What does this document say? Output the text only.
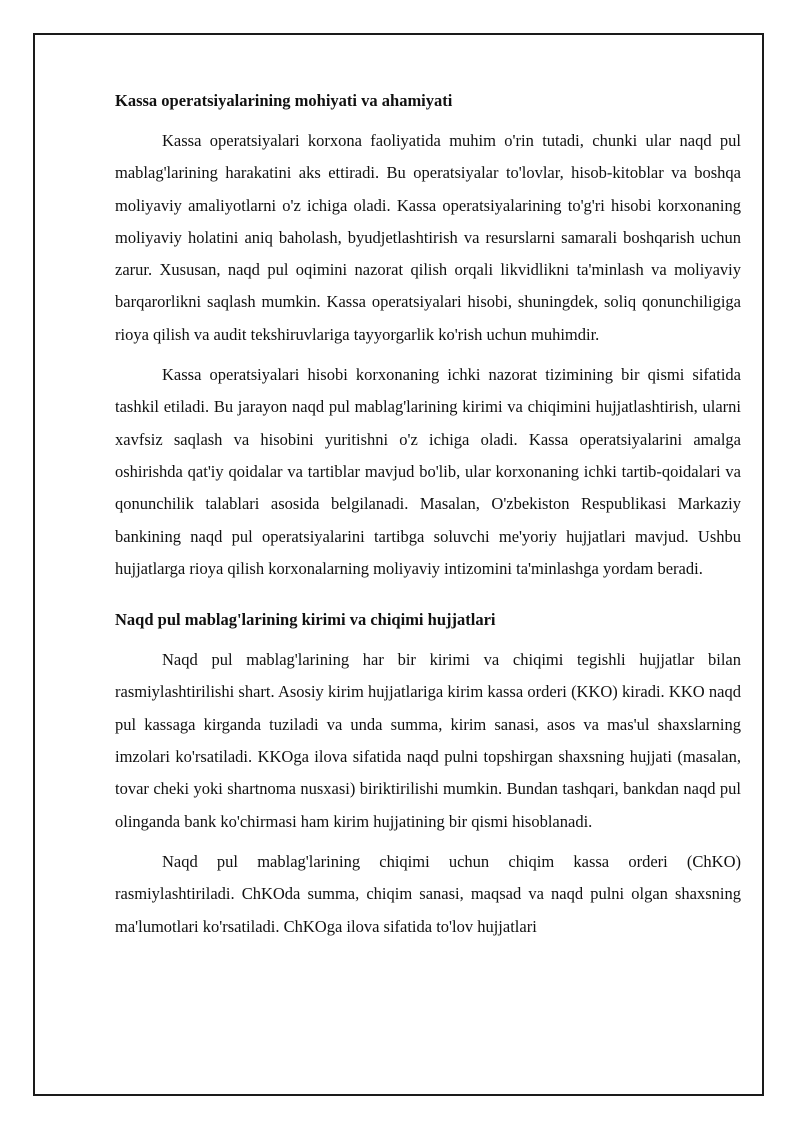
Kassa operatsiyalarining mohiyati va ahamiyati

Kassa operatsiyalari korxona faoliyatida muhim o'rin tutadi, chunki ular naqd pul mablag'larining harakatini aks ettiradi. Bu operatsiyalar to'lovlar, hisob-kitoblar va boshqa moliyaviy amaliyotlarni o'z ichiga oladi. Kassa operatsiyalarining to'g'ri hisobi korxonaning moliyaviy holatini aniq baholash, byudjetlashtirish va resurslarni samarali boshqarish uchun zarur. Xususan, naqd pul oqimini nazorat qilish orqali likvidlikni ta'minlash va moliyaviy barqarorlikni saqlash mumkin. Kassa operatsiyalari hisobi, shuningdek, soliq qonunchiligiga rioya qilish va audit tekshiruvlariga tayyorgarlik ko'rish uchun muhimdir.

Kassa operatsiyalari hisobi korxonaning ichki nazorat tizimining bir qismi sifatida tashkil etiladi. Bu jarayon naqd pul mablag'larining kirimi va chiqimini hujjatlashtirish, ularni xavfsiz saqlash va hisobini yuritishni o'z ichiga oladi. Kassa operatsiyalarini amalga oshirishda qat'iy qoidalar va tartiblar mavjud bo'lib, ular korxonaning ichki tartib-qoidalari va qonunchilik talablari asosida belgilanadi. Masalan, O'zbekiston Respublikasi Markaziy bankining naqd pul operatsiyalarini tartibga soluvchi me'yoriy hujjatlari mavjud. Ushbu hujjatlarga rioya qilish korxonalarning moliyaviy intizomini ta'minlashga yordam beradi.

Naqd pul mablag'larining kirimi va chiqimi hujjatlari

Naqd pul mablag'larining har bir kirimi va chiqimi tegishli hujjatlar bilan rasmiylashtirilishi shart. Asosiy kirim hujjatlariga kirim kassa orderi (KKO) kiradi. KKO naqd pul kassaga kirganda tuziladi va unda summa, kirim sanasi, asos va mas'ul shaxslarning imzolari ko'rsatiladi. KKOga ilova sifatida naqd pulni topshirgan shaxsning hujjati (masalan, tovar cheki yoki shartnoma nusxasi) biriktirilishi mumkin. Bundan tashqari, bankdan naqd pul olinganda bank ko'chirmasi ham kirim hujjatining bir qismi hisoblanadi.

Naqd pul mablag'larining chiqimi uchun chiqim kassa orderi (ChKO) rasmiylashtiriladi. ChKOda summa, chiqim sanasi, maqsad va naqd pulni olgan shaxsning ma'lumotlari ko'rsatiladi. ChKOga ilova sifatida to'lov hujjatlari
